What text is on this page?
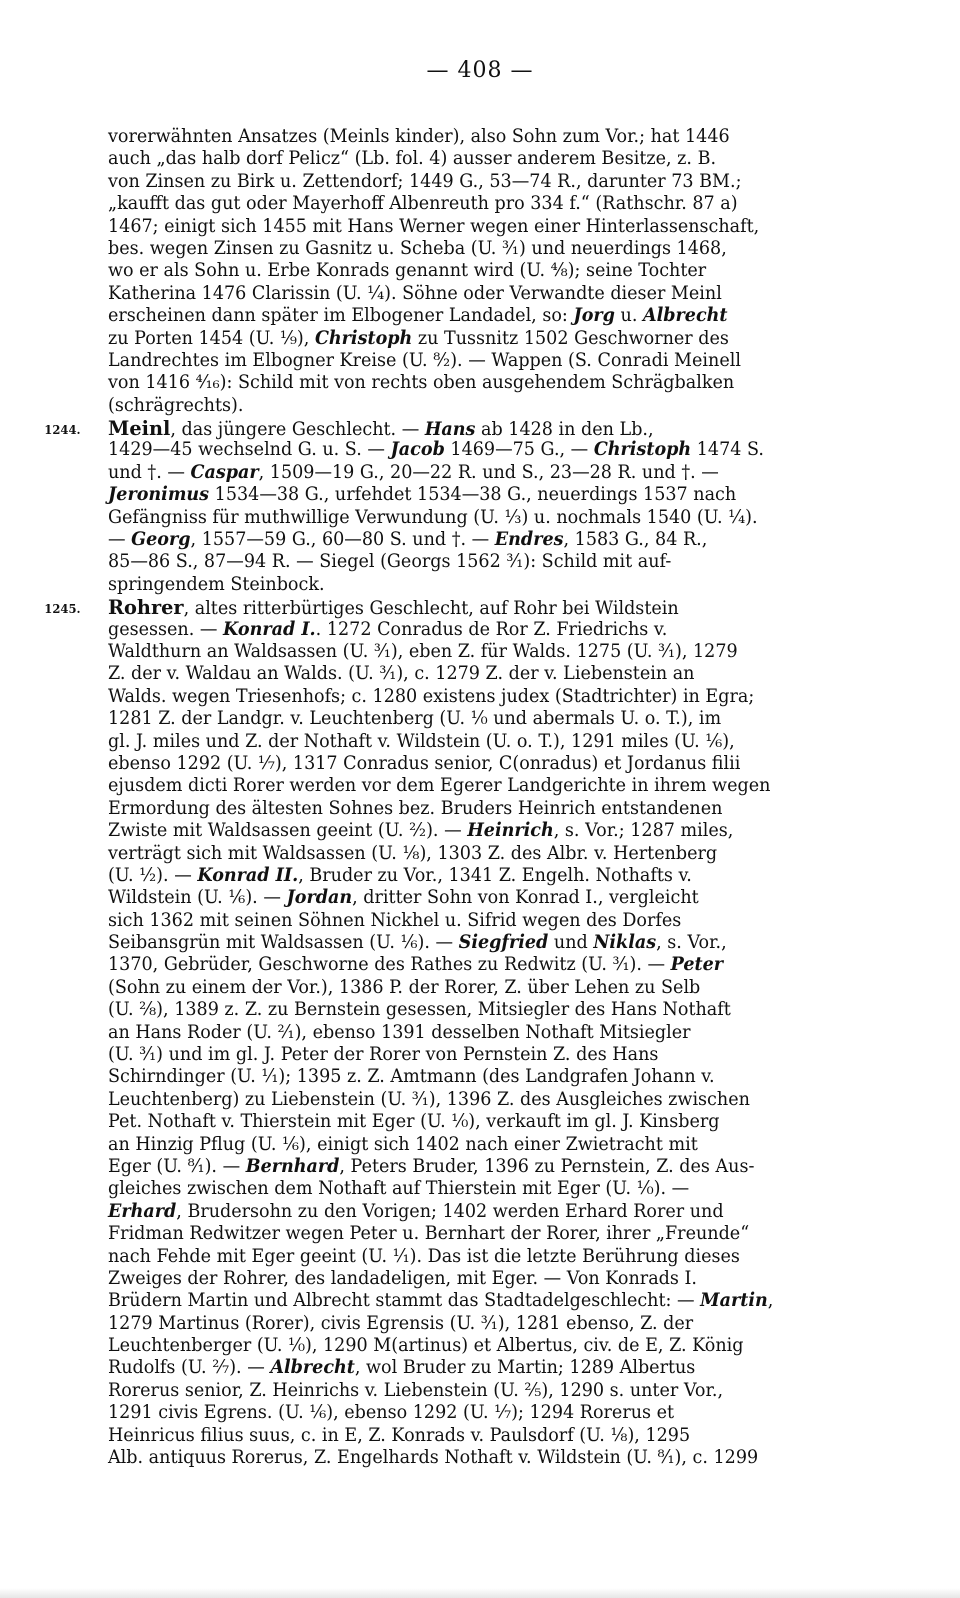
— 408 —
vorerwähnten Ansatzes (Meinls kinder), also Sohn zum Vor.; hat 1446
auch „das halb dorf Pelicz“ (Lb. fol. 4) ausser anderem Besitze, z. B.
von Zinsen zu Birk u. Zettendorf; 1449 G., 53—74 R., darunter 73 BM.;
„kaufft das gut oder Mayerhoff Albenreuth pro 334 f.“ (Rathschr. 87 a)
1467; einigt sich 1455 mit Hans Werner wegen einer Hinterlassenschaft,
bes. wegen Zinsen zu Gasnitz u. Scheba (U. ³⁄₁) und neuerdings 1468,
wo er als Sohn u. Erbe Konrads genannt wird (U. ⁴⁄₈); seine Tochter
Katherina 1476 Clarissin (U. ¹⁄₄). Söhne oder Verwandte dieser Meinl
erscheinen dann später im Elbogener Landadel, so: Jorg u. Albrecht
zu Porten 1454 (U. ¹⁄₉), Christoph zu Tussnitz 1502 Geschworner des
Landrechtes im Elbogner Kreise (U. ⁸⁄₂). — Wappen (S. Conradi Meinell
von 1416 ⁴⁄₁₆): Schild mit von rechts oben ausgehendem Schrägbalken
(schrägrechts).
1244. Meinl, das jüngere Geschlecht. — Hans ab 1428 in den Lb.,
1429—45 wechselnd G. u. S. — Jacob 1469—75 G., — Christoph 1474 S.
und †. — Caspar, 1509—19 G., 20—22 R. und S., 23—28 R. und †. —
Jeronimus 1534—38 G., urfehdet 1534—38 G., neuerdings 1537 nach
Gefängniss für muthwillige Verwundung (U. ¹⁄₃) u. nochmals 1540 (U. ¹⁄₄).
— Georg, 1557—59 G., 60—80 S. und †. — Endres, 1583 G., 84 R.,
85—86 S., 87—94 R. — Siegel (Georgs 1562 ³⁄₁): Schild mit auf-
springendem Steinbock.
1245. Rohrer, altes ritterbürtiges Geschlecht, auf Rohr bei Wildstein
gesessen. — Konrad I.. 1272 Conradus de Ror Z. Friedrichs v.
Waldthurn an Waldsassen (U. ³⁄₁), eben Z. für Walds. 1275 (U. ³⁄₁), 1279
Z. der v. Waldau an Walds. (U. ³⁄₁), c. 1279 Z. der v. Liebenstein an
Walds. wegen Triesenhofs; c. 1280 existens judex (Stadtrichter) in Egra;
1281 Z. der Landgr. v. Leuchtenberg (U. ¹⁄₀ und abermals U. o. T.), im
gl. J. miles und Z. der Nothaft v. Wildstein (U. o. T.), 1291 miles (U. ¹⁄₆),
ebenso 1292 (U. ¹⁄₇), 1317 Conradus senior, C(onradus) et Jordanus filii
ejusdem dicti Rorer werden vor dem Egerer Landgerichte in ihrem wegen
Ermordung des ältesten Sohnes bez. Bruders Heinrich entstandenen
Zwiste mit Waldsassen geeint (U. ²⁄₂). — Heinrich, s. Vor.; 1287 miles,
verträgt sich mit Waldsassen (U. ¹⁄₈), 1303 Z. des Albr. v. Hertenberg
(U. ¹⁄₂). — Konrad II., Bruder zu Vor., 1341 Z. Engelh. Nothafts v.
Wildstein (U. ¹⁄₆). — Jordan, dritter Sohn von Konrad I., vergleicht
sich 1362 mit seinen Söhnen Nickhel u. Sifrid wegen des Dorfes
Seibansgrün mit Waldsassen (U. ¹⁄₆). — Siegfried und Niklas, s. Vor.,
1370, Gebrüder, Geschworne des Rathes zu Redwitz (U. ³⁄₁). — Peter
(Sohn zu einem der Vor.), 1386 P. der Rorer, Z. über Lehen zu Selb
(U. ²⁄₈), 1389 z. Z. zu Bernstein gesessen, Mitsiegler des Hans Nothaft
an Hans Roder (U. ²⁄₁), ebenso 1391 desselben Nothaft Mitsiegler
(U. ³⁄₁) und im gl. J. Peter der Rorer von Pernstein Z. des Hans
Schirndinger (U. ¹⁄₁); 1395 z. Z. Amtmann (des Landgrafen Johann v.
Leuchtenberg) zu Liebenstein (U. ³⁄₁), 1396 Z. des Ausgleiches zwischen
Pet. Nothaft v. Thierstein mit Eger (U. ¹⁄₀), verkauft im gl. J. Kinsberg
an Hinzig Pflug (U. ¹⁄₆), einigt sich 1402 nach einer Zwietracht mit
Eger (U. ⁸⁄₁). — Bernhard, Peters Bruder, 1396 zu Pernstein, Z. des Aus-
gleiches zwischen dem Nothaft auf Thierstein mit Eger (U. ¹⁄₀). —
Erhard, Brudersohn zu den Vorigen; 1402 werden Erhard Rorer und
Fridman Redwitzer wegen Peter u. Bernhart der Rorer, ihrer „Freunde“
nach Fehde mit Eger geeint (U. ¹⁄₁). Das ist die letzte Berührung dieses
Zweiges der Rohrer, des landadeligen, mit Eger. — Von Konrads I.
Brüdern Martin und Albrecht stammt das Stadtadelgeschlecht: — Martin,
1279 Martinus (Rorer), civis Egrensis (U. ³⁄₁), 1281 ebenso, Z. der
Leuchtenberger (U. ¹⁄₀), 1290 M(artinus) et Albertus, civ. de E, Z. König
Rudolfs (U. ²⁄₇). — Albrecht, wol Bruder zu Martin; 1289 Albertus
Rorerus senior, Z. Heinrichs v. Liebenstein (U. ²⁄₅), 1290 s. unter Vor.,
1291 civis Egrens. (U. ¹⁄₆), ebenso 1292 (U. ¹⁄₇); 1294 Rorerus et
Heinricus filius suus, c. in E, Z. Konrads v. Paulsdorf (U. ¹⁄₈), 1295
Alb. antiquus Rorerus, Z. Engelhards Nothaft v. Wildstein (U. ⁸⁄₁), c. 1299
